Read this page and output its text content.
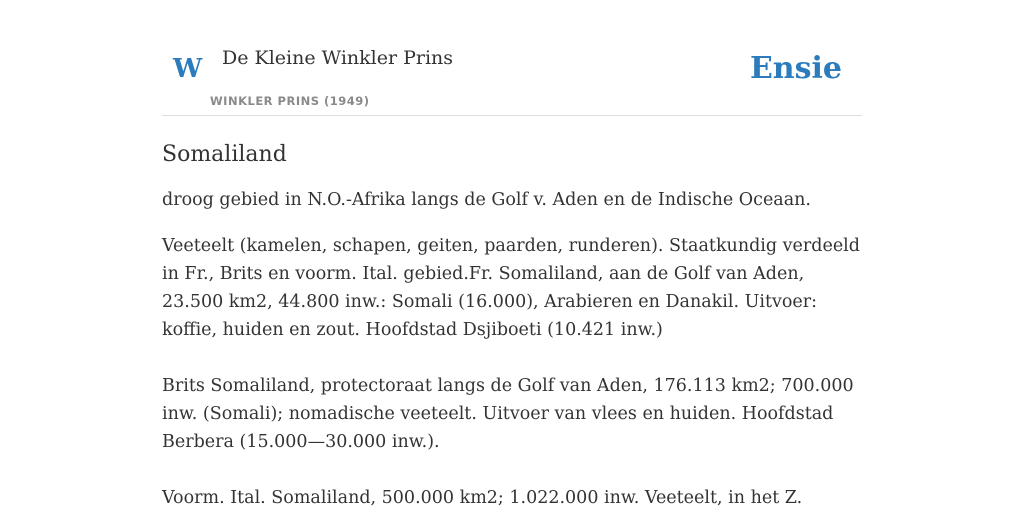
W De Kleine Winkler Prins
WINKLER PRINS (1949)
Ensie
Somaliland

droog gebied in N.O.-Afrika langs de Golf v. Aden en de Indische Oceaan.

Veeteelt (kamelen, schapen, geiten, paarden, runderen). Staatkundig verdeeld in Fr., Brits en voorm. Ital. gebied.Fr. Somaliland, aan de Golf van Aden, 23.500 km2, 44.800 inw.: Somali (16.000), Arabieren en Danakil. Uitvoer: koffie, huiden en zout. Hoofdstad Dsjiboeti (10.421 inw.)

Brits Somaliland, protectoraat langs de Golf van Aden, 176.113 km2; 700.000 inw. (Somali); nomadische veeteelt. Uitvoer van vlees en huiden. Hoofdstad Berbera (15.000—30.000 inw.).

Voorm. Ital. Somaliland, 500.000 km2; 1.022.000 inw. Veeteelt, in het Z.
